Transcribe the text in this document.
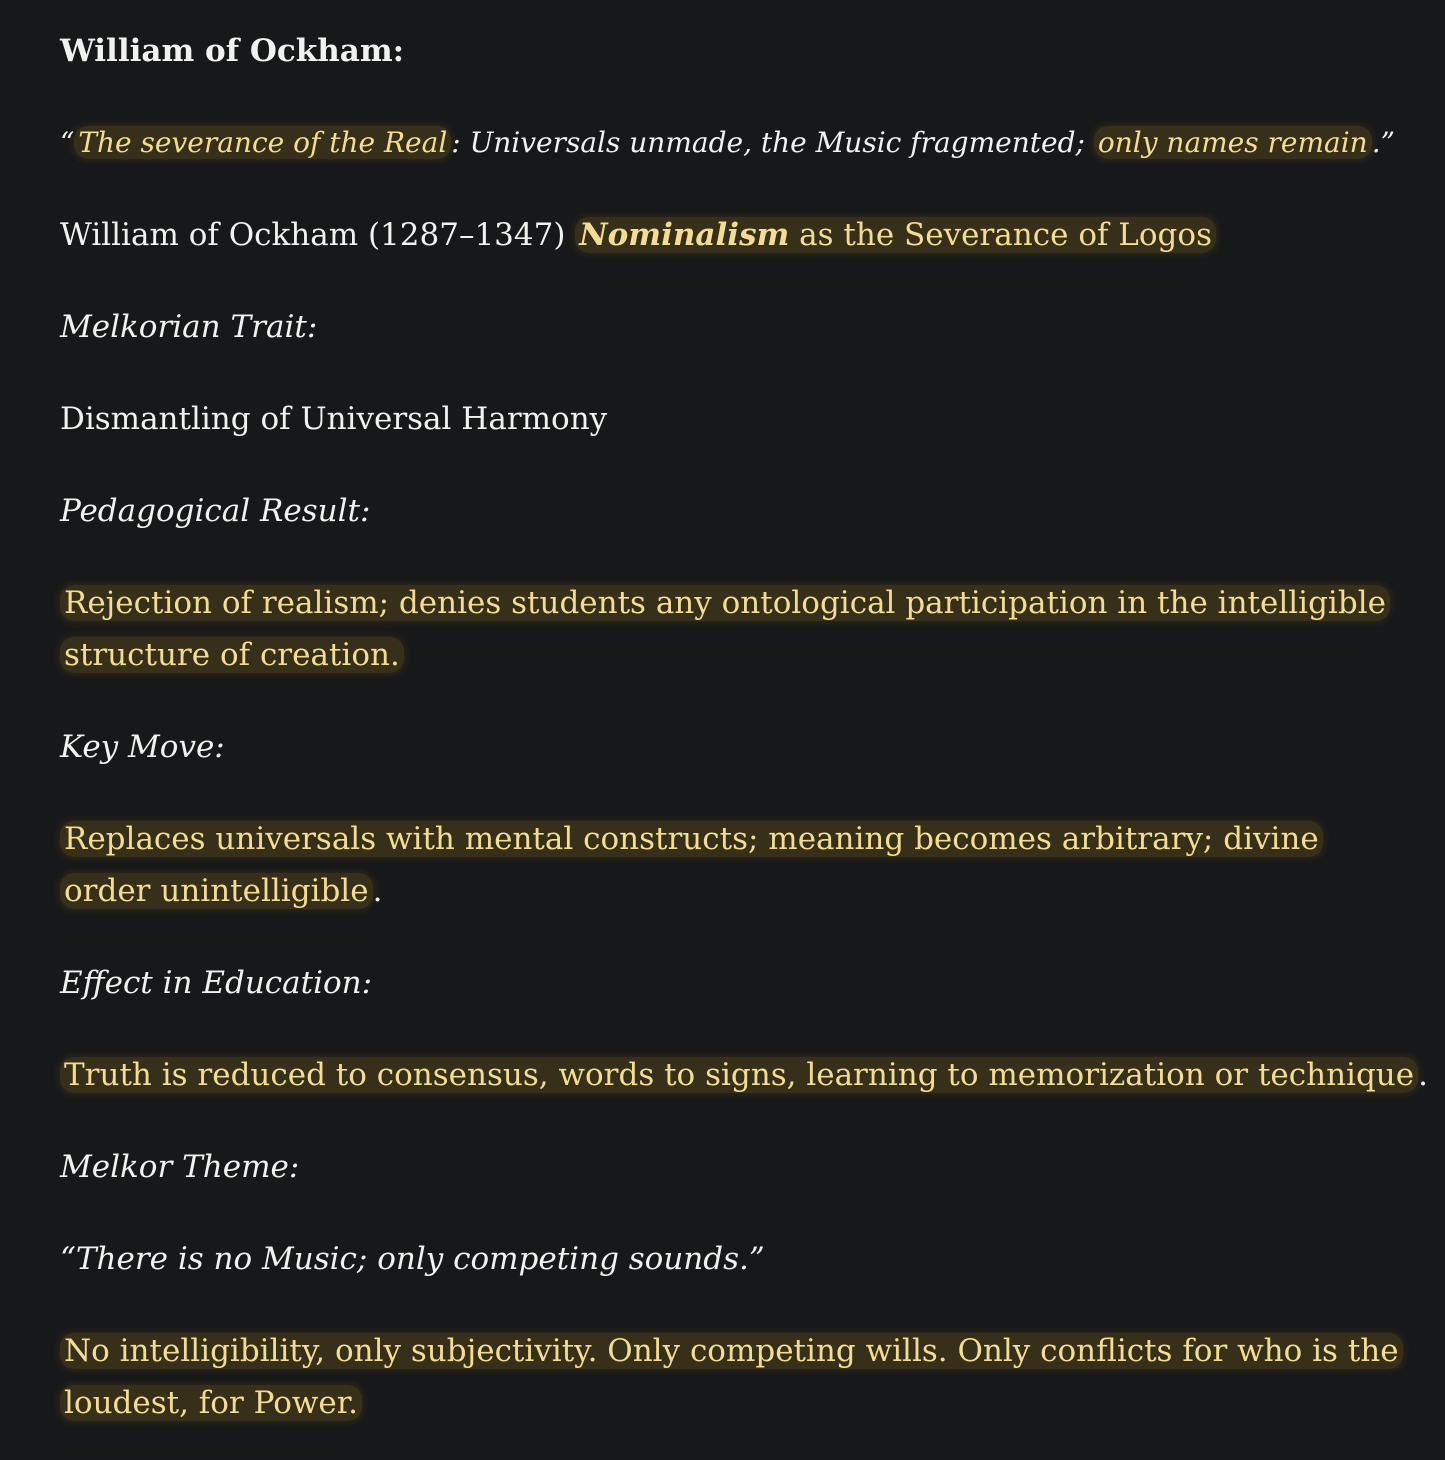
William of Ockham:

“ The severance of the Real : Universals unmade, the Music fragmented; only names remain .”

William of Ockham (1287–1347) Nominalism as the Severance of Logos

Melkorian Trait:

Dismantling of Universal Harmony

Pedagogical Result:

Rejection of realism; denies students any ontological participation in the intelligible structure of creation.

Key Move:

Replaces universals with mental constructs; meaning becomes arbitrary; divine order unintelligible .

Effect in Education:

Truth is reduced to consensus, words to signs, learning to memorization or technique .

Melkor Theme:

“There is no Music; only competing sounds.”

No intelligibility, only subjectivity. Only competing wills. Only conflicts for who is the loudest, for Power.
